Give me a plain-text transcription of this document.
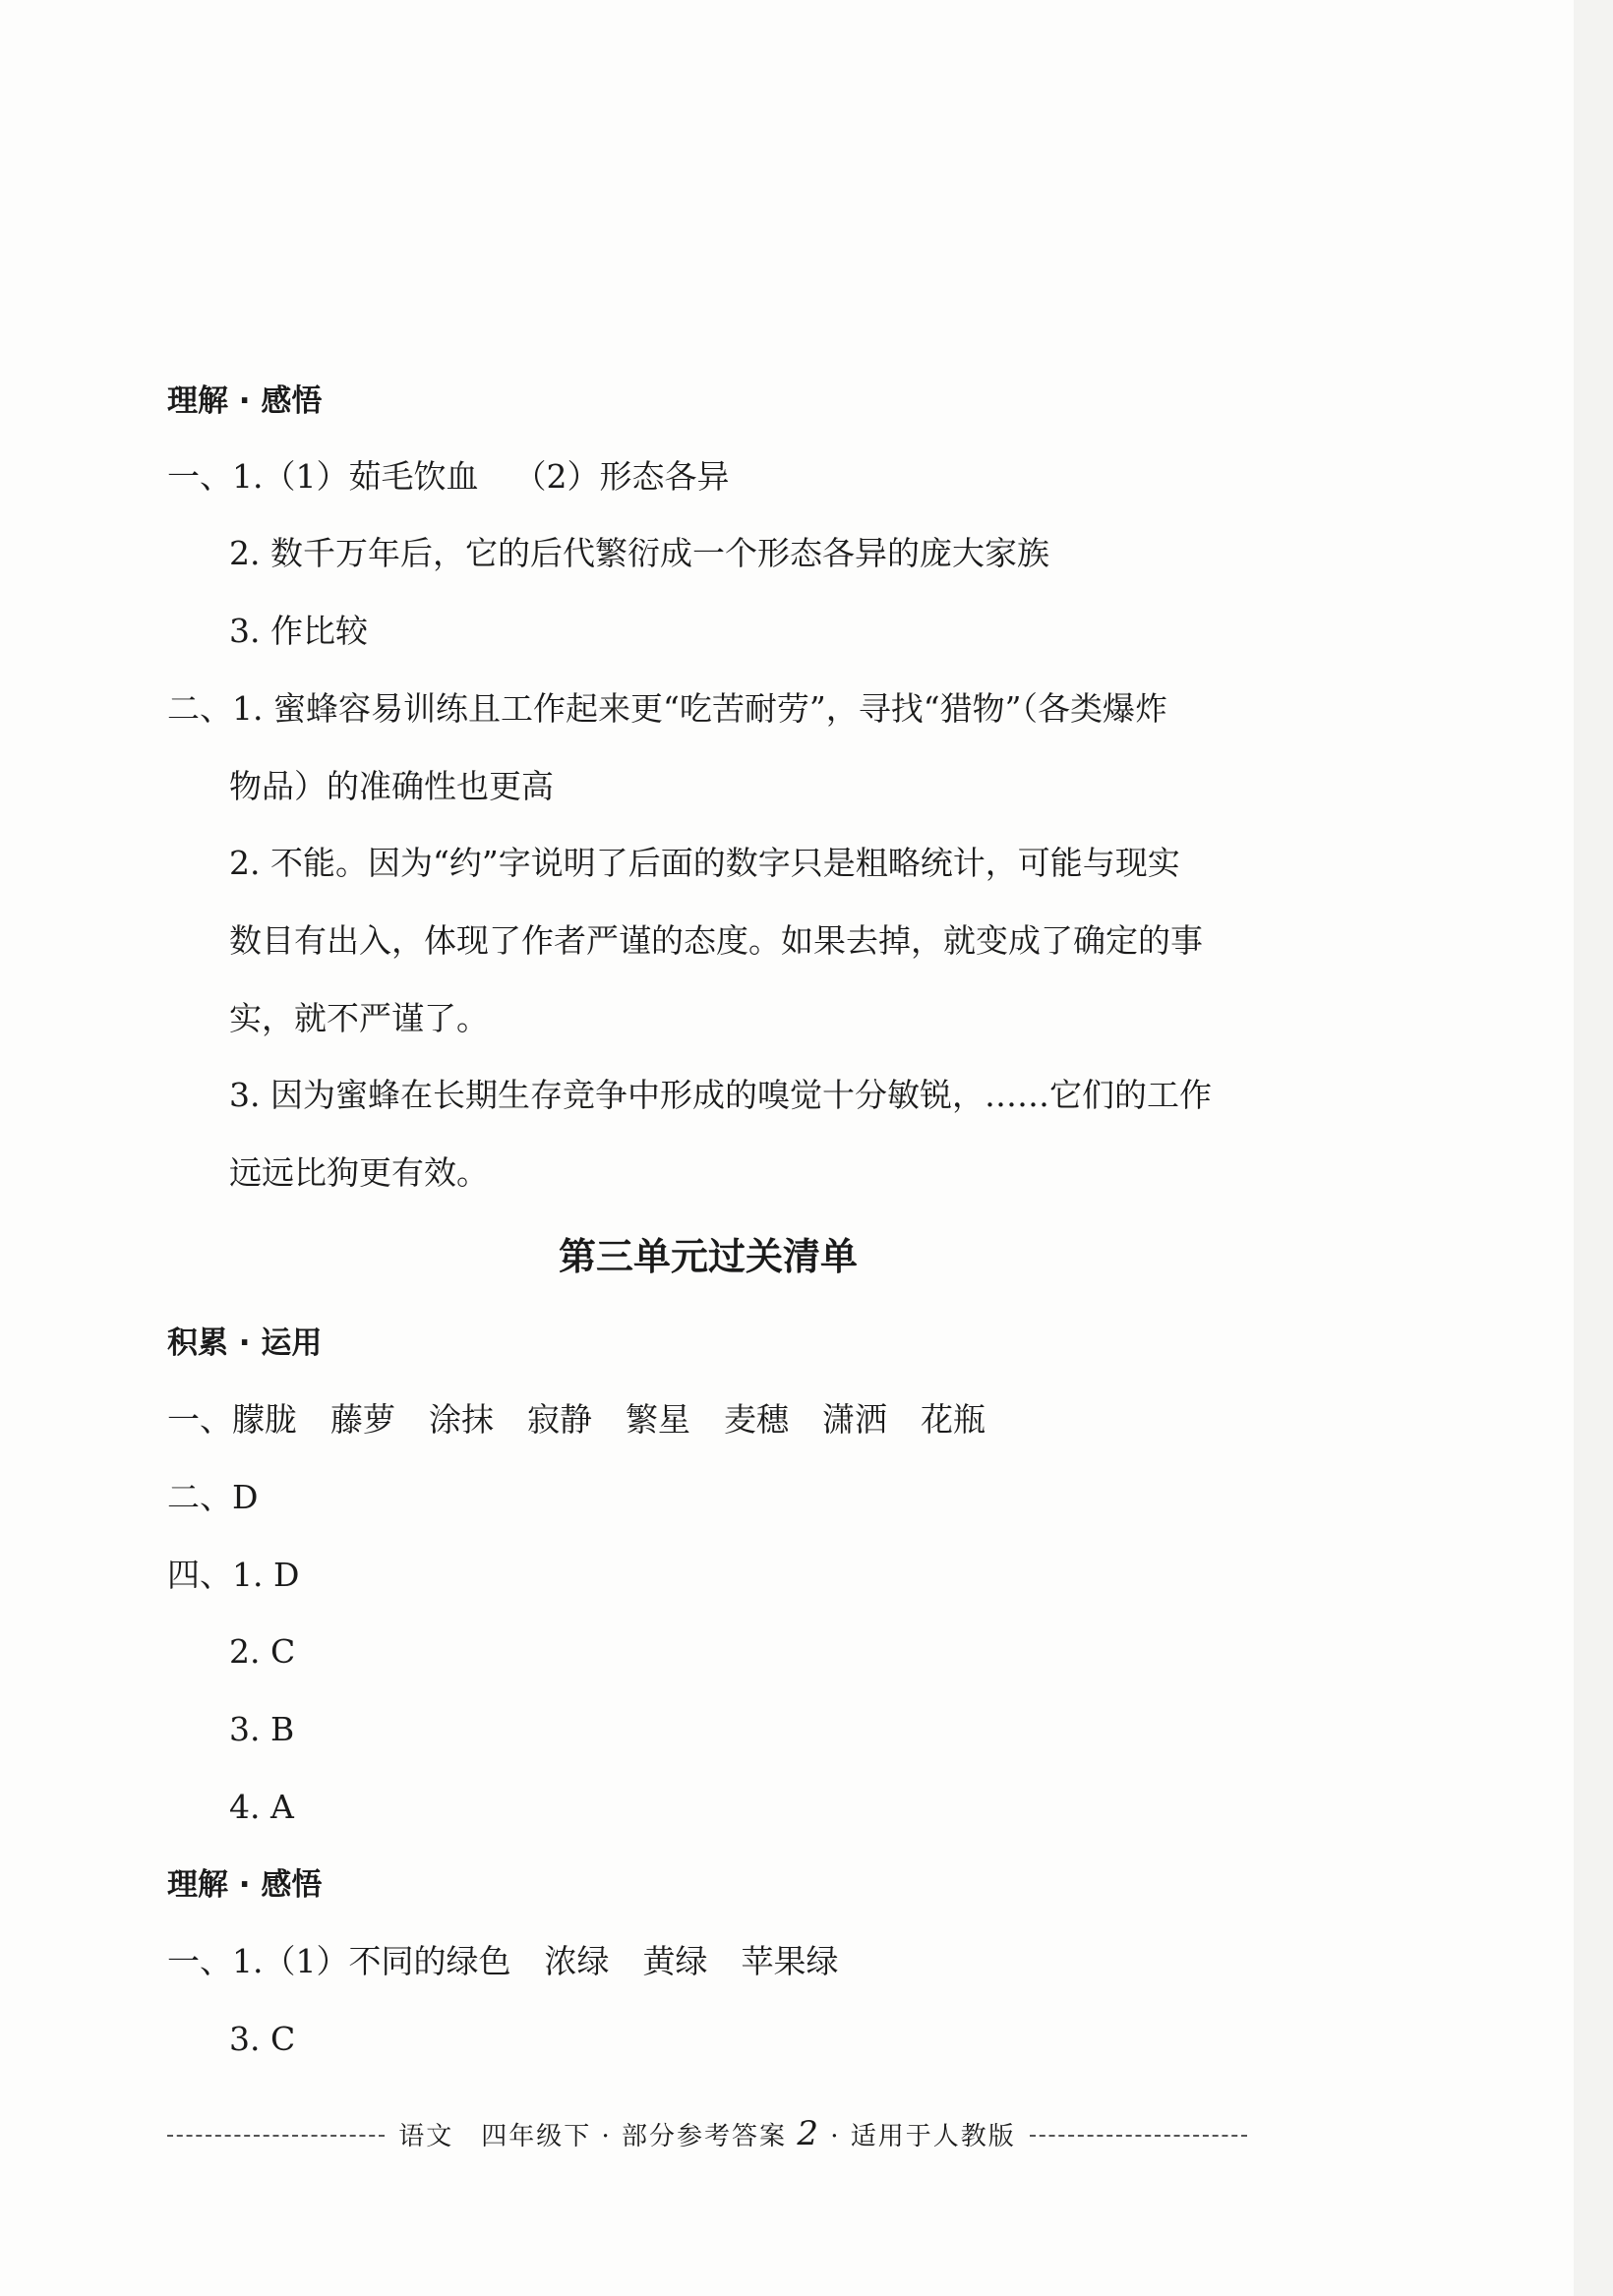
理解 · 感悟
一、1.（1）茹毛饮血 （2）形态各异
2. 数千万年后，它的后代繁衍成一个形态各异的庞大家族
3. 作比较
二、1. 蜜蜂容易训练且工作起来更“吃苦耐劳”，寻找“猎物”（各类爆炸
物品）的准确性也更高
2. 不能。因为“约”字说明了后面的数字只是粗略统计，可能与现实
数目有出入，体现了作者严谨的态度。如果去掉，就变成了确定的事
实，就不严谨了。
3. 因为蜜蜂在长期生存竞争中形成的嗅觉十分敏锐，……它们的工作
远远比狗更有效。
第三单元过关清单
积累 · 运用
一、朦胧 藤萝 涂抹 寂静 繁星 麦穗 潇洒 花瓶
二、D
四、1. D
2. C
3. B
4. A
理解 · 感悟
一、1.（1）不同的绿色 浓绿 黄绿 苹果绿
3. C
语文　四年级下 · 部分参考答案 2 · 适用于人教版
